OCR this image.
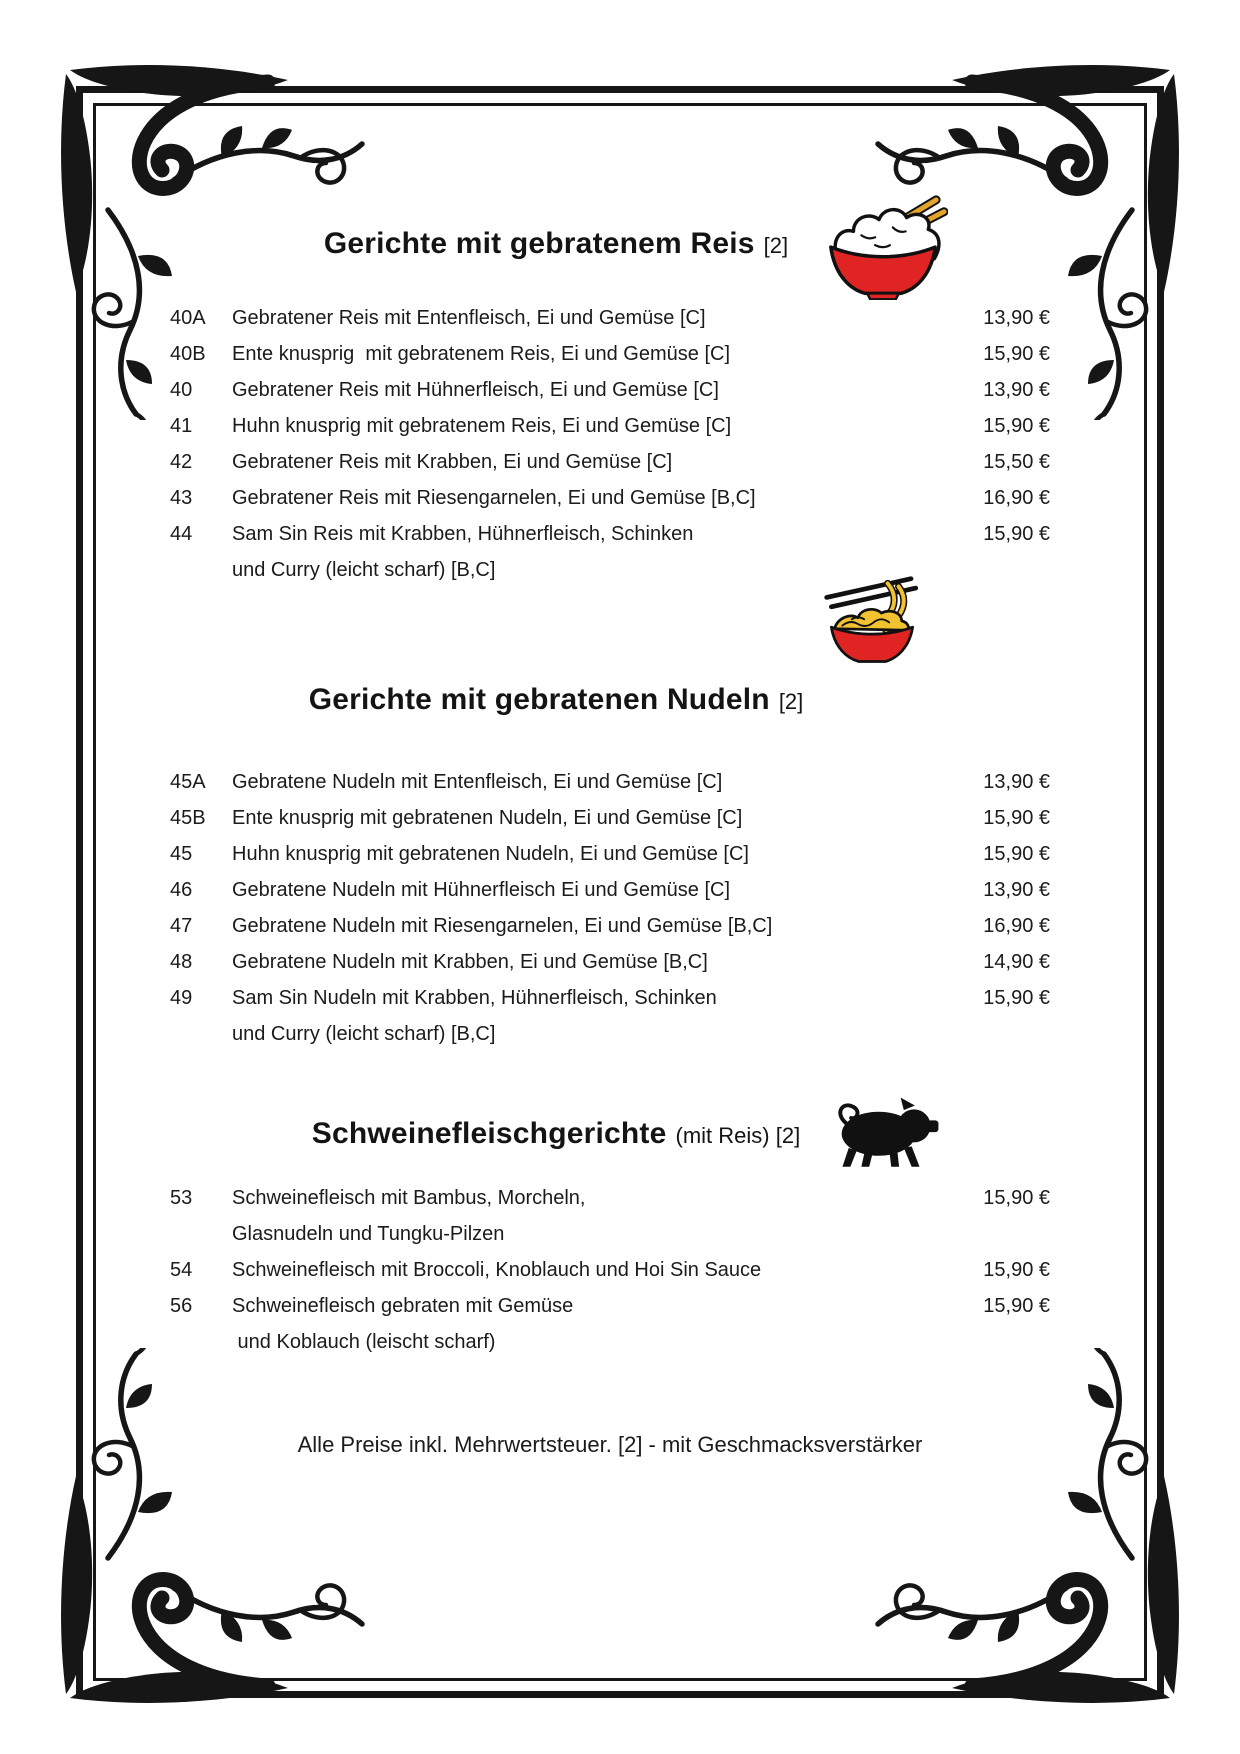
Gerichte mit gebratenem Reis [2]
40A	Gebratener Reis mit Entenfleisch, Ei und Gemüse [C]	13,90 €
40B	Ente knusprig  mit gebratenem Reis, Ei und Gemüse [C]	15,90 €
40	Gebratener Reis mit Hühnerfleisch, Ei und Gemüse [C]	13,90 €
41	Huhn knusprig mit gebratenem Reis, Ei und Gemüse [C]	15,90 €
42	Gebratener Reis mit Krabben, Ei und Gemüse [C]	15,50 €
43	Gebratener Reis mit Riesengarnelen, Ei und Gemüse [B,C]	16,90 €
44	Sam Sin Reis mit Krabben, Hühnerfleisch, Schinken	15,90 €
und Curry (leicht scharf) [B,C]
Gerichte mit gebratenen Nudeln [2]
45A	Gebratene Nudeln mit Entenfleisch, Ei und Gemüse [C]	13,90 €
45B	Ente knusprig mit gebratenen Nudeln, Ei und Gemüse [C]	15,90 €
45	Huhn knusprig mit gebratenen Nudeln, Ei und Gemüse [C]	15,90 €
46	Gebratene Nudeln mit Hühnerfleisch Ei und Gemüse [C]	13,90 €
47	Gebratene Nudeln mit Riesengarnelen, Ei und Gemüse [B,C]	16,90 €
48	Gebratene Nudeln mit Krabben, Ei und Gemüse [B,C]	14,90 €
49	Sam Sin Nudeln mit Krabben, Hühnerfleisch, Schinken	15,90 €
und Curry (leicht scharf) [B,C]
Schweinefleischgerichte (mit Reis) [2]
53	Schweinefleisch mit Bambus, Morcheln,	15,90 €
Glasnudeln und Tungku-Pilzen
54	Schweinefleisch mit Broccoli, Knoblauch und Hoi Sin Sauce	15,90 €
56	Schweinefleisch gebraten mit Gemüse	15,90 €
und Koblauch (leischt scharf)
Alle Preise inkl. Mehrwertsteuer. [2] - mit Geschmacksverstärker
